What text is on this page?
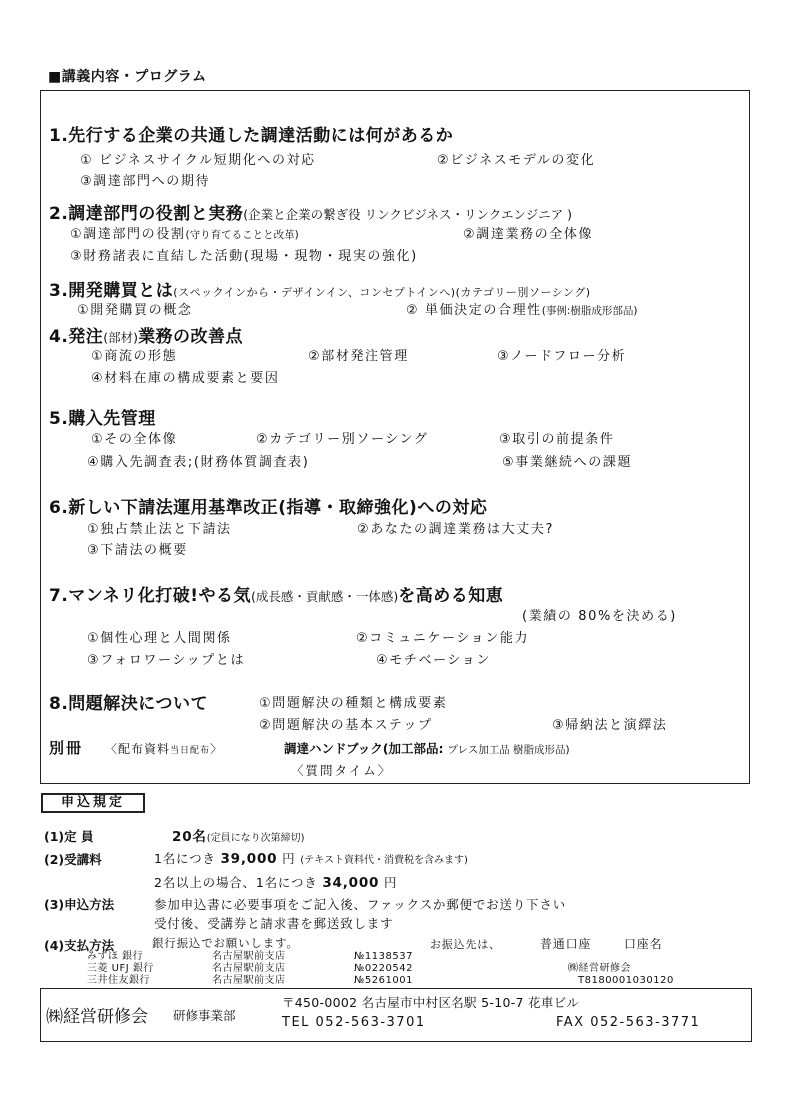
■講義内容・プログラム
1.先行する企業の共通した調達活動には何があるか
① ビジネスサイクル短期化への対応	②ビジネスモデルの変化
③調達部門への期待
2.調達部門の役割と実務(企業と企業の繋ぎ役 リンクビジネス・リンクエンジニア )
①調達部門の役割(守り育てることと改革)	②調達業務の全体像
③財務諸表に直結した活動(現場・現物・現実の強化)
3.開発購買とは(スペックインから・デザインイン、コンセプトインへ)(カテゴリー別ソーシング)
①開発購買の概念	② 単価決定の合理性(事例:樹脂成形部品)
4.発注(部材)業務の改善点
①商流の形態	②部材発注管理	③ノードフロー分析
④材料在庫の構成要素と要因
5.購入先管理
①その全体像	②カテゴリー別ソーシング	③取引の前提条件
④購入先調査表;(財務体質調査表)	⑤事業継続への課題
6.新しい下請法運用基準改正(指導・取締強化)への対応
①独占禁止法と下請法	②あなたの調達業務は大丈夫?
③下請法の概要
7.マンネリ化打破!やる気(成長感・貢献感・一体感)を高める知恵
(業績の 80%を決める)
①個性心理と人間関係	②コミュニケーション能力
③フォロワーシップとは	④モチベーション
8.問題解決について	①問題解決の種類と構成要素
②問題解決の基本ステップ	③帰納法と演繹法
別冊 〈配布資料当日配布〉	調達ハンドブック(加工部品: プレス加工品 樹脂成形品)
〈質問タイム〉
申込規定
(1)定 員	20名(定員になり次第締切)
(2)受講料	1名につき 39,000 円 (テキスト資料代・消費税を含みます)
2名以上の場合、1名につき 34,000 円
(3)申込方法	参加申込書に必要事項をご記入後、ファックスか郵便でお送り下さい
受付後、受講券と請求書を郵送致します
(4)支払方法	銀行振込でお願いします。	お振込先は、	普通口座	口座名
みずほ 銀行	名古屋駅前支店	№1138537
三菱 UFJ 銀行	名古屋駅前支店	№0220542
三井住友銀行	名古屋駅前支店	№5261001
㈱経営研修会
T8180001030120
㈱経営研修会 研修事業部
〒450-0002 名古屋市中村区名駅 5-10-7 花車ビル
TEL 052-563-3701	FAX 052-563-3771
